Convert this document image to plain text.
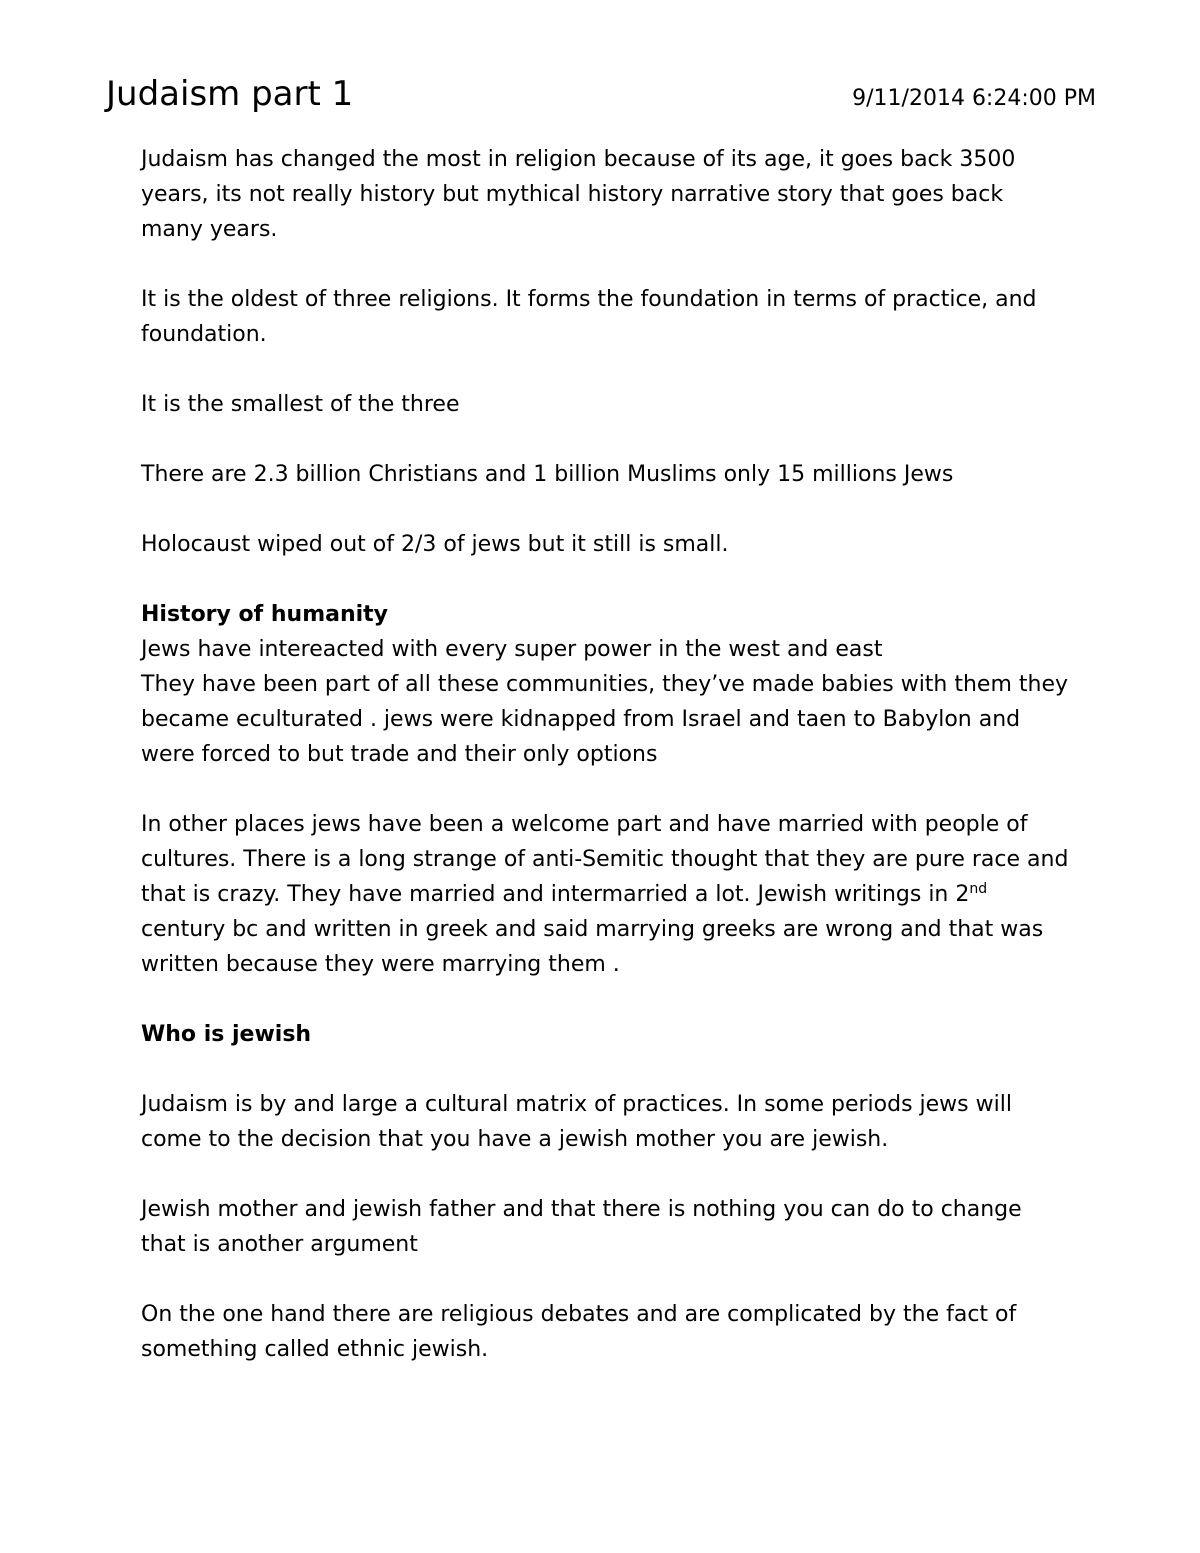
Judaism part 1	9/11/2014 6:24:00 PM

Judaism has changed the most in religion because of its age, it goes back 3500 years, its not really history but mythical history narrative story that goes back many years.

It is the oldest of three religions. It forms the foundation in terms of practice, and foundation.

It is the smallest of the three

There are 2.3 billion Christians and 1 billion Muslims only 15 millions Jews

Holocaust wiped out of 2/3 of jews but it still is small.

History of humanity

Jews have intereacted with every super power in the west and east
They have been part of all these communities, they’ve made babies with them they became eculturated . jews were kidnapped from Israel and taen to Babylon and were forced to but trade and their only options

In other places jews have been a welcome part and have married with people of cultures. There is a long strange of anti-Semitic thought that they are pure race and that is crazy. They have married and intermarried a lot. Jewish writings in 2nd century bc and written in greek and said marrying greeks are wrong and that was written because they were marrying them .

Who is jewish

Judaism is by and large a cultural matrix of practices. In some periods jews will come to the decision that you have a jewish mother you are jewish.

Jewish mother and jewish father and that there is nothing you can do to change that is another argument

On the one hand there are religious debates and are complicated by the fact of something called ethnic jewish.
